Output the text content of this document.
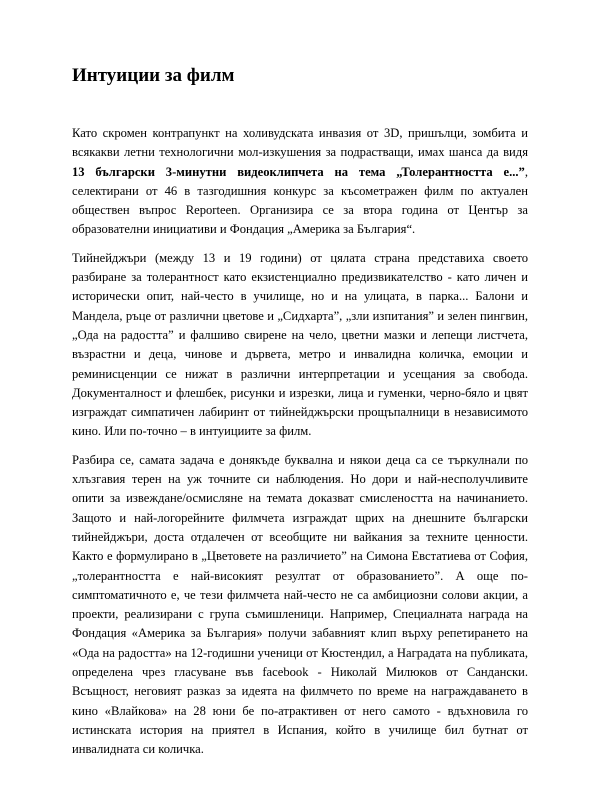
Интуиции за филм

Като скромен контрапункт на холивудската инвазия от 3D, пришълци, зомбита и всякакви летни технологични мол-изкушения за подрастващи, имах шанса да видя 13 български 3-минутни видеоклипчета на тема „Толерантността е...”, селектирани от 46 в тазгодишния конкурс за късометражен филм по актуален обществен въпрос Reporteen. Организира се за втора година от Център за образователни инициативи и Фондация „Америка за България“.

Тийнейджъри (между 13 и 19 години) от цялата страна представиха своето разбиране за толерантност като екзистенциално предизвикателство - като личен и исторически опит, най-често в училище, но и на улицата, в парка... Балони и Мандела, ръце от различни цветове и „Сидхарта”, „зли изпитания” и зелен пингвин, „Ода на радостта” и фалшиво свирене на чело, цветни мазки и лепещи листчета, възрастни и деца, чинове и дървета, метро и инвалидна количка, емоции и реминисценции се нижат в различни интерпретации и усещания за свобода. Документалност и флешбек, рисунки и изрезки, лица и гуменки, черно-бяло и цвят изграждат симпатичен лабиринт от тийнейджърски прощъпалници в независимото кино. Или по-точно – в интуициите за филм.

Разбира се, самата задача е донякъде буквална и някои деца са се търкулнали по хлъзгавия терен на уж точните си наблюдения. Но дори и най-несполучливите опити за извеждане/осмисляне на темата доказват смислеността на начинанието. Защото и най-логорейните филмчета изграждат щрих на днешните български тийнейджъри, доста отдалечен от всеобщите ни вайкания за техните ценности. Както е формулирано в „Цветовете на различието” на Симона Евстатиева от София, „толерантността е най-високият резултат от образованието”. А още по-симптоматичното е, че тези филмчета най-често не са амбициозни солови акции, а проекти, реализирани с група съмишленици. Например, Специалната награда на Фондация «Америка за България» получи забавният клип върху репетирането на «Ода на радостта» на 12-годишни ученици от Кюстендил, а Наградата на публиката, определена чрез гласуване във facebook - Николай Милюков от Сандански. Всъщност, неговият разказ за идеята на филмчето по време на награждаването в кино «Влайкова» на 28 юни бе по-атрактивен от него самото - вдъхновила го истинската история на приятел в Испания, който в училище бил бутнат от инвалидната си количка.
